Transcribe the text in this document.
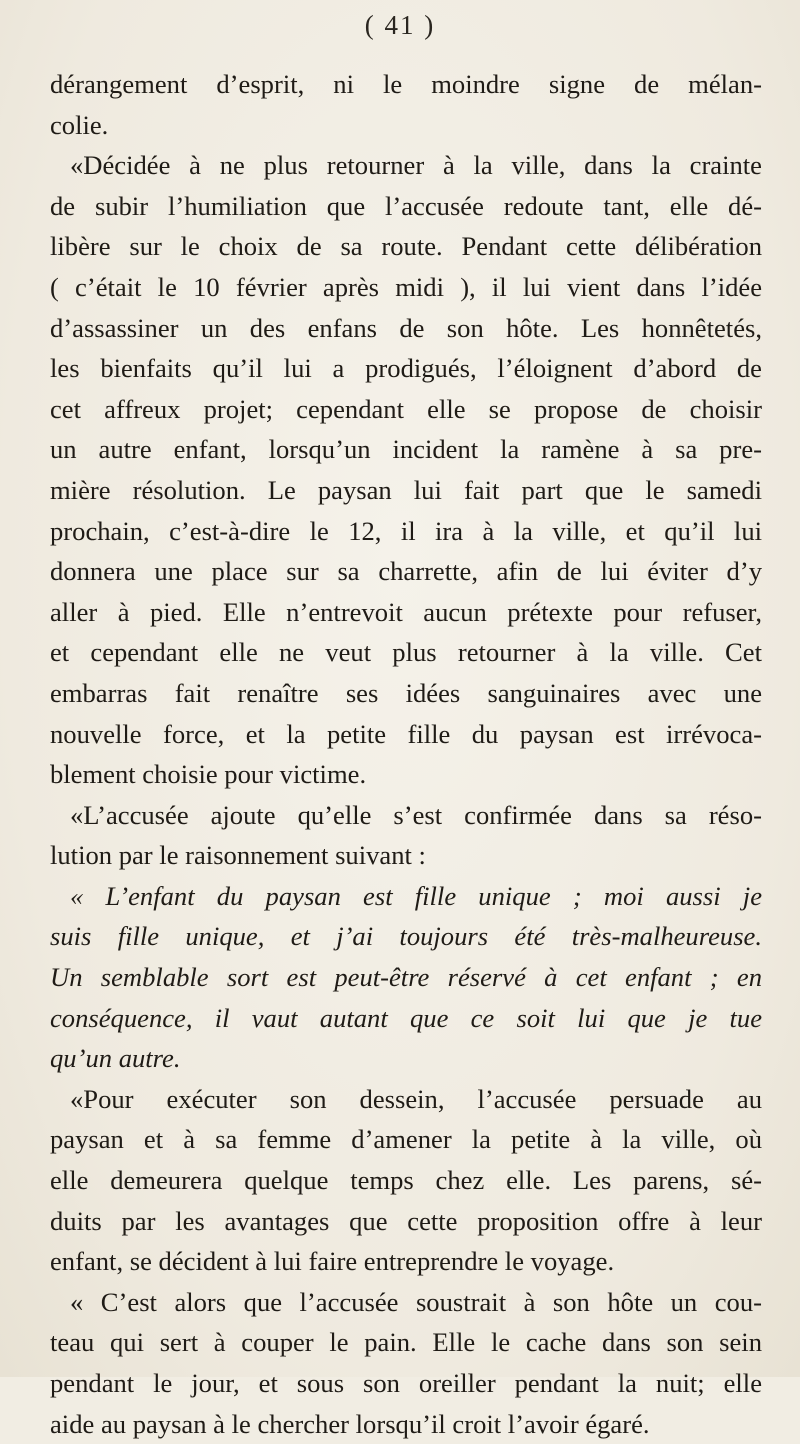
( 41 )
dérangement d’esprit, ni le moindre signe de mélan-
colie.
«Décidée à ne plus retourner à la ville, dans la crainte
de subir l’humiliation que l’accusée redoute tant, elle dé-
libère sur le choix de sa route. Pendant cette délibération
( c’était le 10 février après midi ), il lui vient dans l’idée
d’assassiner un des enfans de son hôte. Les honnêtetés,
les bienfaits qu’il lui a prodigués, l’éloignent d’abord de
cet affreux projet; cependant elle se propose de choisir
un autre enfant, lorsqu’un incident la ramène à sa pre-
mière résolution. Le paysan lui fait part que le samedi
prochain, c’est-à-dire le 12, il ira à la ville, et qu’il lui
donnera une place sur sa charrette, afin de lui éviter d’y
aller à pied. Elle n’entrevoit aucun prétexte pour refuser,
et cependant elle ne veut plus retourner à la ville. Cet
embarras fait renaître ses idées sanguinaires avec une
nouvelle force, et la petite fille du paysan est irrévoca-
blement choisie pour victime.
«L’accusée ajoute qu’elle s’est confirmée dans sa réso-
lution par le raisonnement suivant :
« L’enfant du paysan est fille unique ; moi aussi je
suis fille unique, et j’ai toujours été très-malheureuse.
Un semblable sort est peut-être réservé à cet enfant ; en
conséquence, il vaut autant que ce soit lui que je tue
qu’un autre.
«Pour exécuter son dessein, l’accusée persuade au
paysan et à sa femme d’amener la petite à la ville, où
elle demeurera quelque temps chez elle. Les parens, sé-
duits par les avantages que cette proposition offre à leur
enfant, se décident à lui faire entreprendre le voyage.
« C’est alors que l’accusée soustrait à son hôte un cou-
teau qui sert à couper le pain. Elle le cache dans son sein
pendant le jour, et sous son oreiller pendant la nuit; elle
aide au paysan à le chercher lorsqu’il croit l’avoir égaré.
